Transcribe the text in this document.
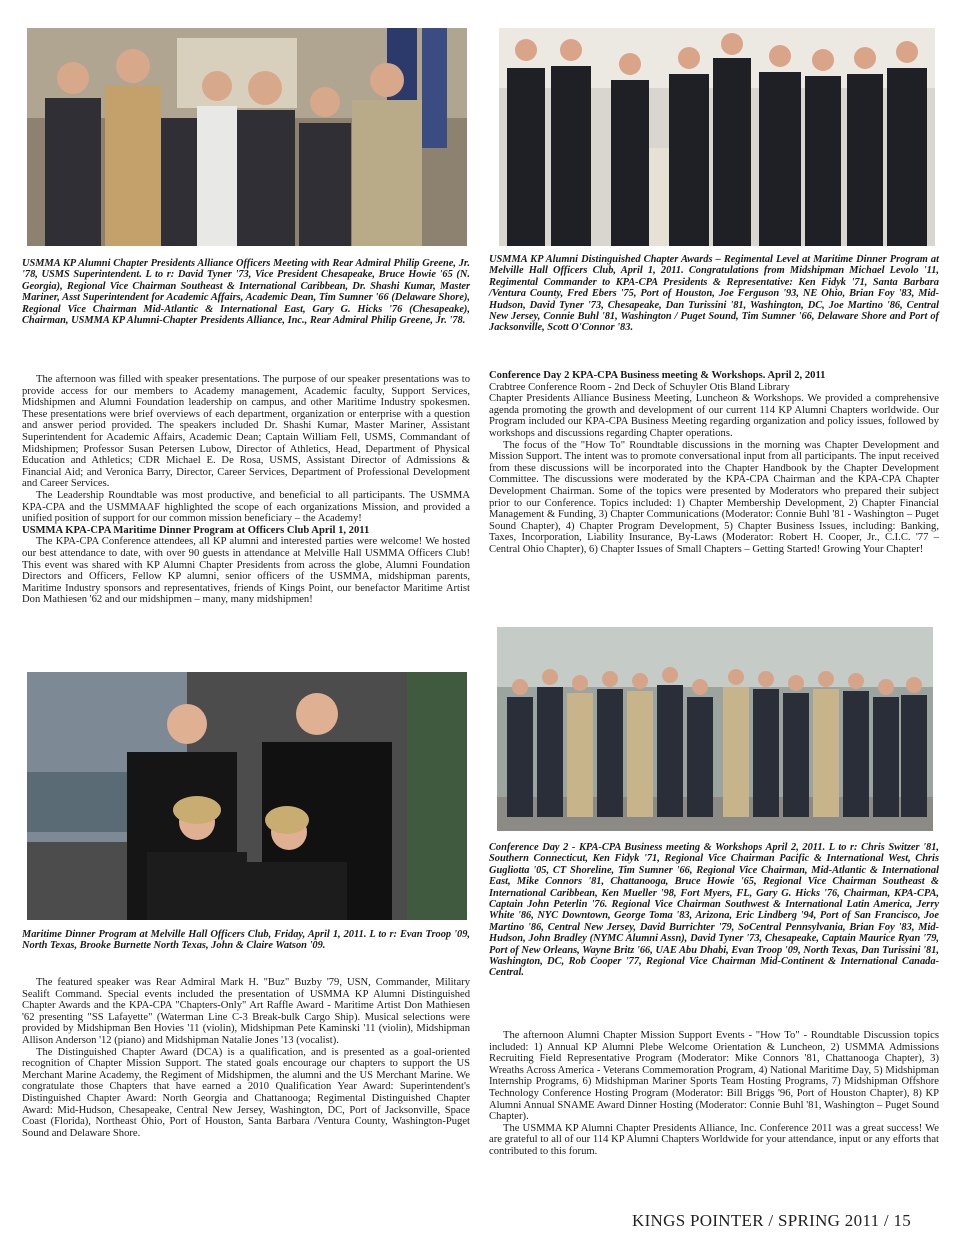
USMMA KP Alumni Chapter Presidents Alliance Officers Meeting with Rear Admiral Philip Greene, Jr. '78, USMS Superintendent. L to r: David Tyner '73, Vice President Chesapeake, Bruce Howie '65 (N. Georgia), Regional Vice Chairman Southeast & International Caribbean, Dr. Shashi Kumar, Master Mariner, Asst Superintendent for Academic Affairs, Academic Dean, Tim Sumner '66 (Delaware Shore), Regional Vice Chairman Mid-Atlantic & International East, Gary G. Hicks '76 (Chesapeake), Chairman, USMMA KP Alumni-Chapter Presidents Alliance, Inc., Rear Admiral Philip Greene, Jr. '78.

The afternoon was filled with speaker presentations. The purpose of our speaker presentations was to provide access for our members to Academy management, Academic faculty, Support Services, Midshipmen and Alumni Foundation leadership on campus, and other Maritime Industry spokesmen. These presentations were brief overviews of each department, organization or enterprise with a question and answer period provided. The speakers included Dr. Shashi Kumar, Master Mariner, Assistant Superintendent for Academic Affairs, Academic Dean; Captain William Fell, USMS, Commandant of Midshipmen; Professor Susan Petersen Lubow, Director of Athletics, Head, Department of Physical Education and Athletics; CDR Michael E. De Rosa, USMS, Assistant Director of Admissions & Financial Aid; and Veronica Barry, Director, Career Services, Department of Professional Development and Career Services.

The Leadership Roundtable was most productive, and beneficial to all participants. The USMMA KPA-CPA and the USMMAAF highlighted the scope of each organizations Mission, and provided a unified position of support for our common mission beneficiary – the Academy!

USMMA KPA-CPA Maritime Dinner Program at Officers Club April 1, 2011

The KPA-CPA Conference attendees, all KP alumni and interested parties were welcome! We hosted our best attendance to date, with over 90 guests in attendance at Melville Hall USMMA Officers Club! This event was shared with KP Alumni Chapter Presidents from across the globe, Alumni Foundation Directors and Officers, Fellow KP alumni, senior officers of the USMMA, midshipman parents, Maritime Industry sponsors and representatives, friends of Kings Point, our benefactor Maritime Artist Don Mathiesen '62 and our midshipmen – many, many midshipmen!

Maritime Dinner Program at Melville Hall Officers Club, Friday, April 1, 2011. L to r: Evan Troop '09, North Texas, Brooke Burnette North Texas, John & Claire Watson '09.

The featured speaker was Rear Admiral Mark H. "Buz" Buzby '79, USN, Commander, Military Sealift Command. Special events included the presentation of USMMA KP Alumni Distinguished Chapter Awards and the KPA-CPA "Chapters-Only" Art Raffle Award - Maritime Artist Don Mathiesen '62 presenting "SS Lafayette" (Waterman Line C-3 Break-bulk Cargo Ship). Musical selections were provided by Midshipman Ben Hovies '11 (violin), Midshipman Pete Kaminski '11 (violin), Midshipman Allison Anderson '12 (piano) and Midshipman Natalie Jones '13 (vocalist).

The Distinguished Chapter Award (DCA) is a qualification, and is presented as a goal-oriented recognition of Chapter Mission Support. The stated goals encourage our chapters to support the US Merchant Marine Academy, the Regiment of Midshipmen, the alumni and the US Merchant Marine. We congratulate those Chapters that have earned a 2010 Qualification Year Award: Superintendent's Distinguished Chapter Award: North Georgia and Chattanooga; Regimental Distinguished Chapter Award: Mid-Hudson, Chesapeake, Central New Jersey, Washington, DC, Port of Jacksonville, Space Coast (Florida), Northeast Ohio, Port of Houston, Santa Barbara /Ventura County, Washington-Puget Sound and Delaware Shore.

USMMA KP Alumni Distinguished Chapter Awards – Regimental Level at Maritime Dinner Program at Melville Hall Officers Club, April 1, 2011. Congratulations from Midshipman Michael Levolo '11, Regimental Commander to KPA-CPA Presidents & Representative: Ken Fidyk '71, Santa Barbara /Ventura County, Fred Ebers '75, Port of Houston, Joe Ferguson '93, NE Ohio, Brian Foy '83, Mid-Hudson, David Tyner '73, Chesapeake, Dan Turissini '81, Washington, DC, Joe Martino '86, Central New Jersey, Connie Buhl '81, Washington / Puget Sound, Tim Sumner '66, Delaware Shore and Port of Jacksonville, Scott O'Connor '83.

Conference Day 2 KPA-CPA Business meeting & Workshops. April 2, 2011

Crabtree Conference Room - 2nd Deck of Schuyler Otis Bland Library

Chapter Presidents Alliance Business Meeting, Luncheon & Workshops. We provided a comprehensive agenda promoting the growth and development of our current 114 KP Alumni Chapters worldwide. Our Program included our KPA-CPA Business Meeting regarding organization and policy issues, followed by workshops and discussions regarding Chapter operations.

The focus of the "How To" Roundtable discussions in the morning was Chapter Development and Mission Support. The intent was to promote conversational input from all participants. The input received from these discussions will be incorporated into the Chapter Handbook by the Chapter Development Committee. The discussions were moderated by the KPA-CPA Chairman and the KPA-CPA Chapter Development Chairman. Some of the topics were presented by Moderators who prepared their subject prior to our Conference. Topics included: 1) Chapter Membership Development, 2) Chapter Financial Management & Funding, 3) Chapter Communications (Moderator: Connie Buhl '81 - Washington – Puget Sound Chapter), 4) Chapter Program Development, 5) Chapter Business Issues, including: Banking, Taxes, Incorporation, Liability Insurance, By-Laws (Moderator: Robert H. Cooper, Jr., C.I.C. '77 – Central Ohio Chapter), 6) Chapter Issues of Small Chapters – Getting Started! Growing Your Chapter!

Conference Day 2 - KPA-CPA Business meeting & Workshops April 2, 2011. L to r: Chris Switzer '81, Southern Connecticut, Ken Fidyk '71, Regional Vice Chairman Pacific & International West, Chris Gugliotta '05, CT Shoreline, Tim Sumner '66, Regional Vice Chairman, Mid-Atlantic & International East, Mike Connors '81, Chattanooga, Bruce Howie '65, Regional Vice Chairman Southeast & International Caribbean, Ken Mueller '98, Fort Myers, FL, Gary G. Hicks '76, Chairman, KPA-CPA, Captain John Peterlin '76. Regional Vice Chairman Southwest & International Latin America, Jerry White '86, NYC Downtown, George Toma '83, Arizona, Eric Lindberg '94, Port of San Francisco, Joe Martino '86, Central New Jersey, David Burrichter '79, SoCentral Pennsylvania, Brian Foy '83, Mid-Hudson, John Bradley (NYMC Alumni Assn), David Tyner '73, Chesapeake, Captain Maurice Ryan '79, Port of New Orleans, Wayne Britz '66, UAE Abu Dhabi, Evan Troop '09, North Texas, Dan Turissini '81, Washington, DC, Rob Cooper '77, Regional Vice Chairman Mid-Continent & International Canada-Central.

The afternoon Alumni Chapter Mission Support Events - "How To" - Roundtable Discussion topics included: 1) Annual KP Alumni Plebe Welcome Orientation & Luncheon, 2) USMMA Admissions Recruiting Field Representative Program (Moderator: Mike Connors '81, Chattanooga Chapter), 3) Wreaths Across America - Veterans Commemoration Program, 4) National Maritime Day, 5) Midshipman Internship Programs, 6) Midshipman Mariner Sports Team Hosting Programs, 7) Midshipman Offshore Technology Conference Hosting Program (Moderator: Bill Briggs '96, Port of Houston Chapter), 8) KP Alumni Annual SNAME Award Dinner Hosting (Moderator: Connie Buhl '81, Washington – Puget Sound Chapter).

The USMMA KP Alumni Chapter Presidents Alliance, Inc. Conference 2011 was a great success! We are grateful to all of our 114 KP Alumni Chapters Worldwide for your attendance, input or any efforts that contributed to this forum.

KINGS POINTER / SPRING 2011 / 15
